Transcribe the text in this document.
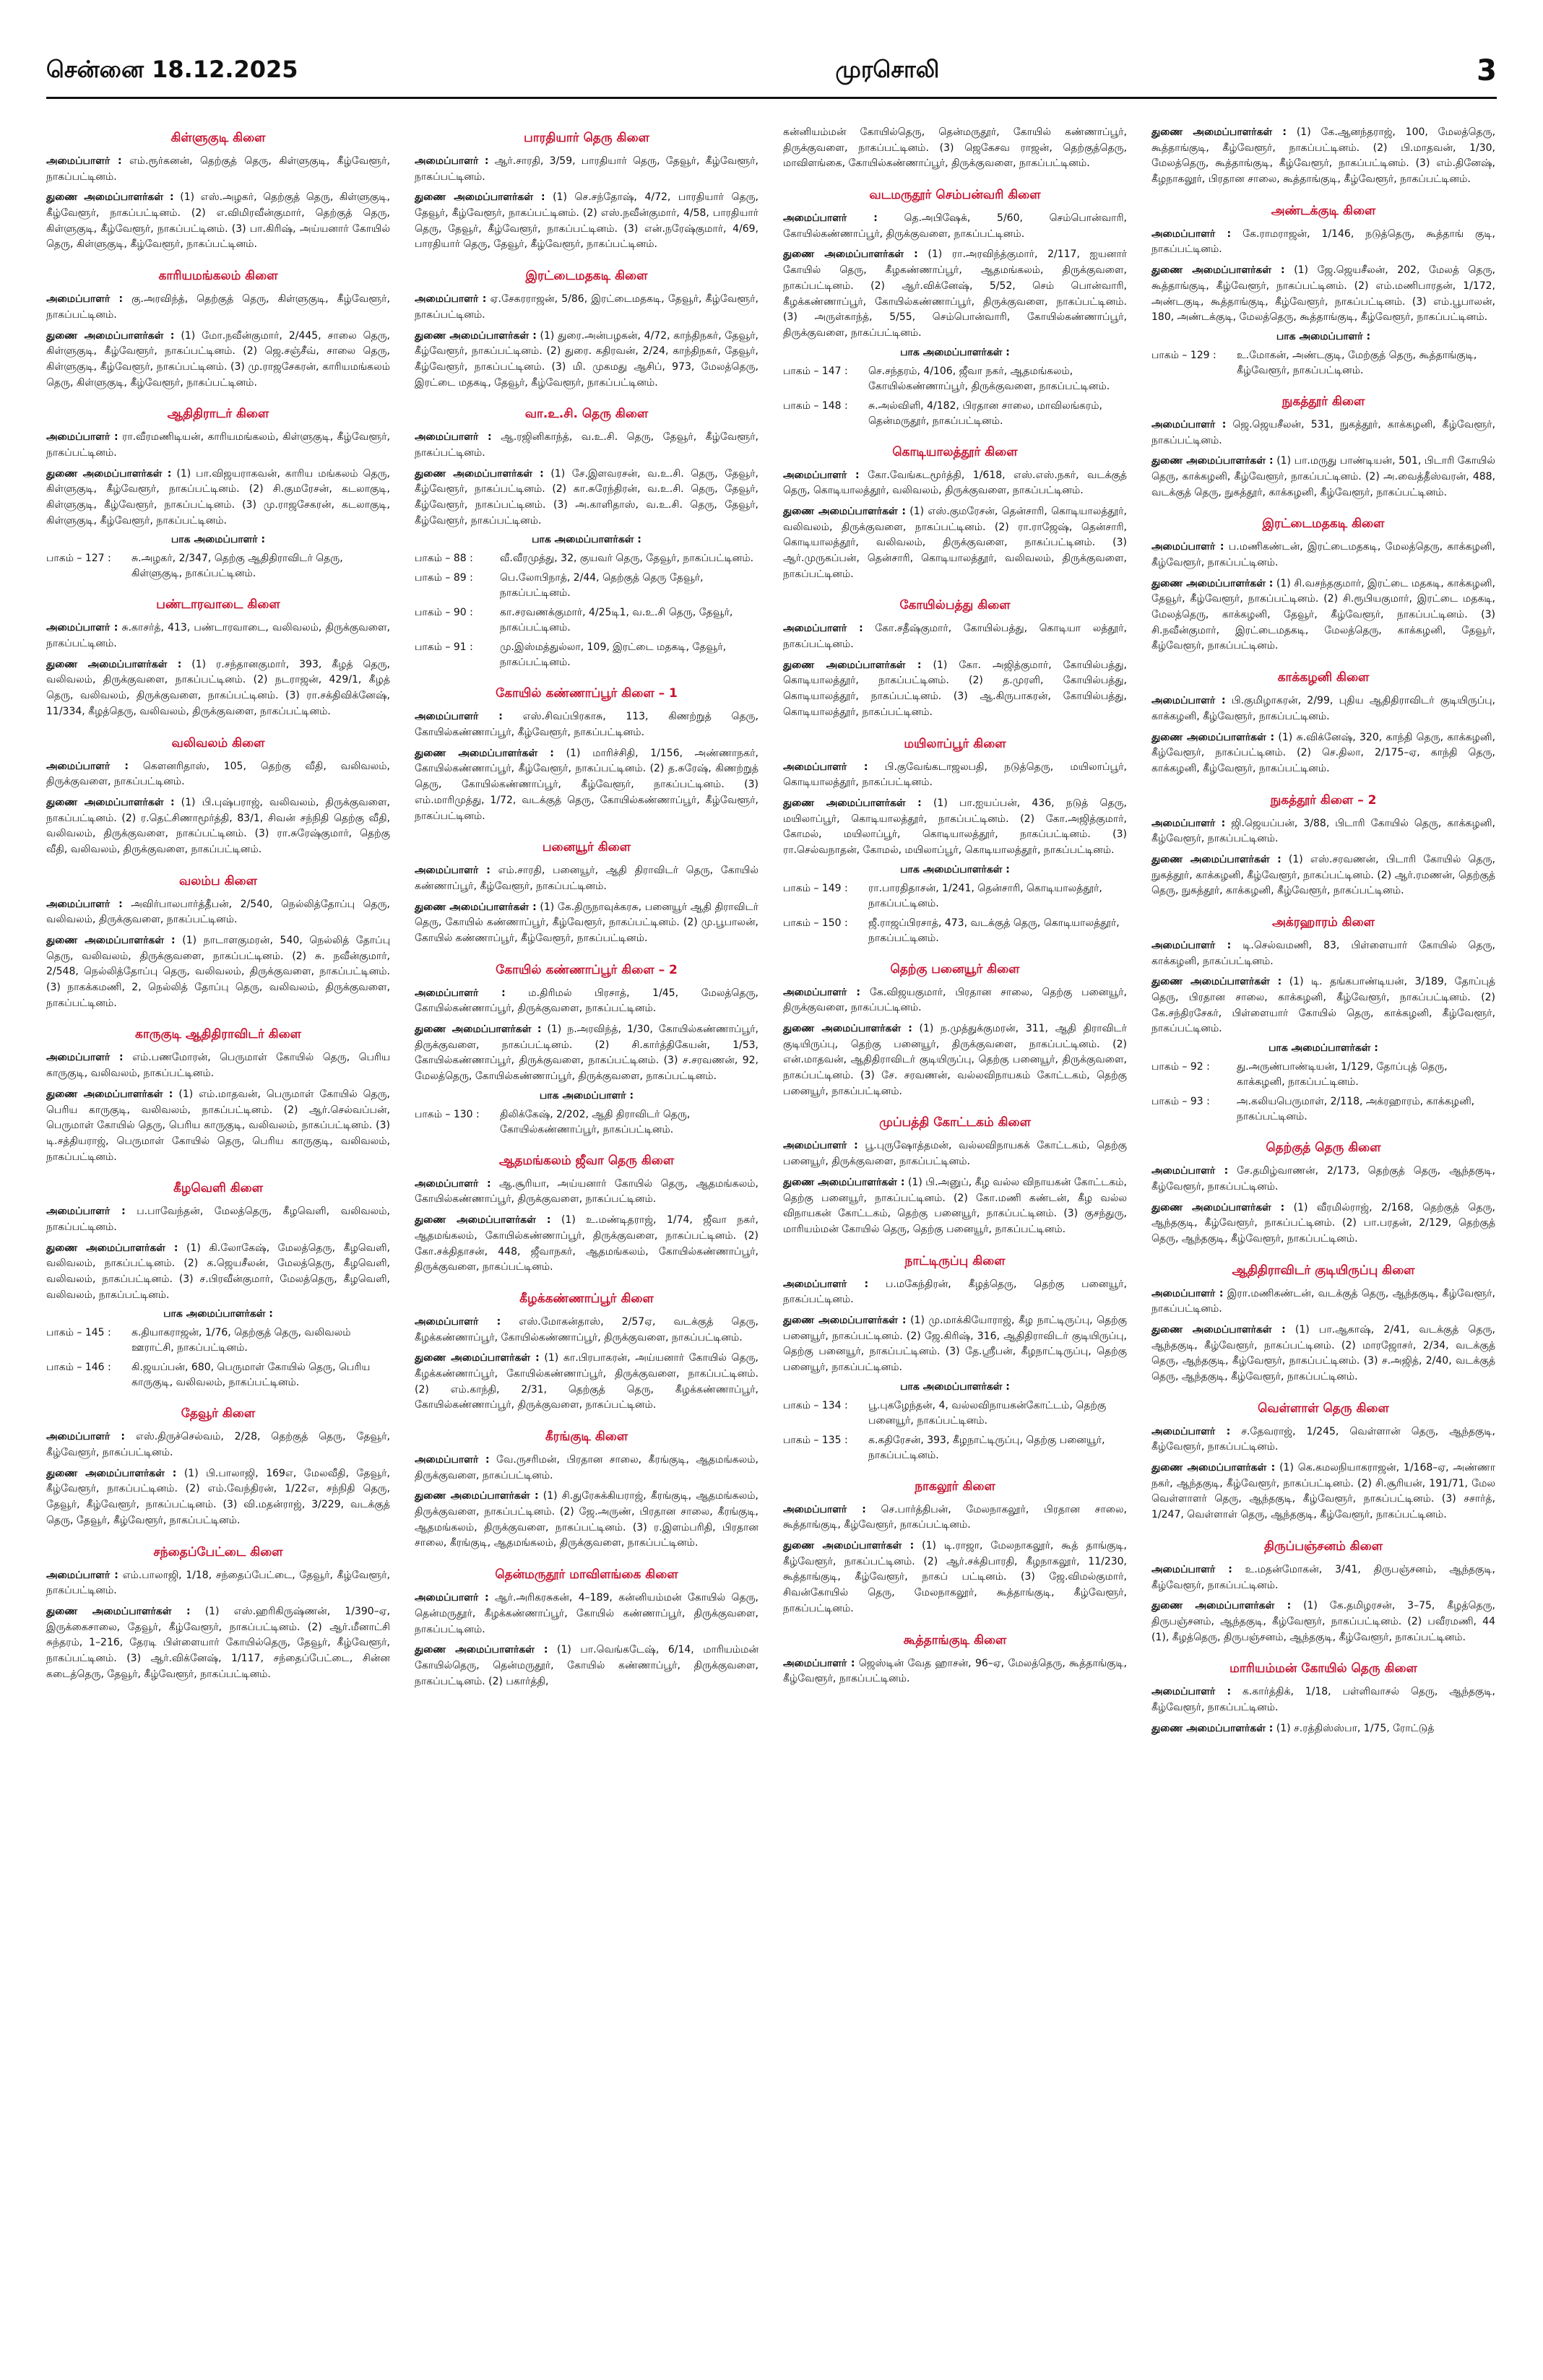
சென்னை 18.12.2025	முரசொலி	3
கிள்ளுகுடி கிளை

அமைப்பாளர் : எம்.ரூர்கனன், தெற்குத் தெரு, கிள்ளுகுடி, கீழ்வேளூர், நாகப்பட்டினம்.

துணை அமைப்பாளர்கள் : (1) எஸ்.அழகர், தெற்குத் தெரு, கிள்ளுகுடி, கீழ்வேளூர், நாகப்பட்டினம். (2) எ.விமிரவீன்குமார், தெற்குத் தெரு, கிள்ளுகுடி, கீழ்வேளூர், நாகப்பட்டினம். (3) பா.கிரிஷ், அய்யனார் கோயில் தெரு, கிள்ளுகுடி, கீழ்வேளூர், நாகப்பட்டினம்.

காரியமங்கலம் கிளை

அமைப்பாளர் : கு.அரவிந்த், தெற்குத் தெரு, கிள்ளுகுடி, கீழ்வேளூர், நாகப்பட்டினம்.

துணை அமைப்பாளர்கள் : (1) மோ.நவீன்குமார், 2/445, சாலை தெரு, கிள்ளுகுடி, கீழ்வேளூர், நாகப்பட்டினம். (2) ஜெ.சஞ்சீவ், சாலை தெரு, கிள்ளுகுடி, கீழ்வேளூர், நாகப்பட்டினம். (3) மு.ராஜசேகரன், காரியமங்கலம் தெரு, கிள்ளுகுடி, கீழ்வேளூர், நாகப்பட்டினம்.

ஆதிதிராடர் கிளை

அமைப்பாளர் : ரா.வீரமணிடியன், காரியமங்கலம், கிள்ளுகுடி, கீழ்வேளூர், நாகப்பட்டினம்.

துணை அமைப்பாளர்கள் : (1) பா.விஜயராகவன், காரிய மங்கலம் தெரு, கிள்ளுகுடி, கீழ்வேளூர், நாகப்பட்டினம். (2) சி.குமரேசன், கடலாகுடி, கிள்ளுகுடி, கீழ்வேளூர், நாகப்பட்டினம். (3) மு.ராஜசேகரன், கடலாகுடி, கிள்ளுகுடி, கீழ்வேளூர், நாகப்பட்டினம்.

பாக அமைப்பாளர் :
பாகம் – 127 :	சு.அழகர், 2/347, தெற்கு ஆதிதிராவிடர் தெரு, கிள்ளுகுடி, நாகப்பட்டினம்.
பண்டாரவாடை கிளை

அமைப்பாளர் : சு.காசர்த், 413, பண்டாரவாடை, வலிவலம், திருக்குவளை, நாகப்பட்டினம்.

துணை அமைப்பாளர்கள் : (1) ர.சந்தானகுமார், 393, கீழத் தெரு, வலிவலம், திருக்குவளை, நாகப்பட்டினம். (2) நடராஜன், 429/1, கீழத் தெரு, வலிவலம், திருக்குவளை, நாகப்பட்டினம். (3) ரா.சக்திவிக்னேஷ், 11/334, கீழத்தெரு, வலிவலம், திருக்குவளை, நாகப்பட்டினம்.

வலிவலம் கிளை

அமைப்பாளர் : கௌனரிதாஸ், 105, தெற்கு வீதி, வலிவலம், திருக்குவளை, நாகப்பட்டினம்.

துணை அமைப்பாளர்கள் : (1) பி.புஷ்பராஜ், வலிவலம், திருக்குவளை, நாகப்பட்டினம். (2) ர.தெட்சிணாமூர்த்தி, 83/1, சிவன் சந்நிதி தெற்கு வீதி, வலிவலம், திருக்குவளை, நாகப்பட்டினம். (3) ரா.சுரேஷ்குமார், தெற்கு வீதி, வலிவலம், திருக்குவளை, நாகப்பட்டினம்.

வலம்ப கிளை

அமைப்பாளர் : அவிர்பாலபார்த்தீபன், 2/540, நெல்லித்தோப்பு தெரு, வலிவலம், திருக்குவளை, நாகப்பட்டினம்.

துணை அமைப்பாளர்கள் : (1) நாடாளகுமரன், 540, நெல்லித் தோப்பு தெரு, வலிவலம், திருக்குவளை, நாகப்பட்டினம். (2) சு. நவீன்குமார், 2/548, நெல்லித்தோப்பு தெரு, வலிவலம், திருக்குவளை, நாகப்பட்டினம். (3) நாகக்கமணி, 2, நெல்லித் தோப்பு தெரு, வலிவலம், திருக்குவளை, நாகப்பட்டினம்.

காருகுடி ஆதிதிராவிடர் கிளை

அமைப்பாளர் : எம்.பணமோரன், பெருமாள் கோயில் தெரு, பெரிய காருகுடி, வலிவலம், நாகப்பட்டினம்.

துணை அமைப்பாளர்கள் : (1) எம்.மாதவன், பெருமாள் கோயில் தெரு, பெரிய காருகுடி, வலிவலம், நாகப்பட்டினம். (2) ஆர்.செல்வப்பன், பெருமாள் கோயில் தெரு, பெரிய காருகுடி, வலிவலம், நாகப்பட்டினம். (3) டி.சத்தியராஜ், பெருமாள் கோயில் தெரு, பெரிய காருகுடி, வலிவலம், நாகப்பட்டினம்.

கீழவெளி கிளை

அமைப்பாளர் : ப.பாவேந்தன், மேலத்தெரு, கீழவெளி, வலிவலம், நாகப்பட்டினம்.

துணை அமைப்பாளர்கள் : (1) கி.லோகேஷ், மேலத்தெரு, கீழவெளி, வலிவலம், நாகப்பட்டினம். (2) க.ஜெயசீலன், மேலத்தெரு, கீழவெளி, வலிவலம், நாகப்பட்டினம். (3) ச.பிரவீன்குமார், மேலத்தெரு, கீழவெளி, வலிவலம், நாகப்பட்டினம்.

பாக அமைப்பாளர்கள் :
பாகம் – 145 :	க.தியாகராஜன், 1/76, தெற்குத் தெரு, வலிவலம் ஊராட்சி, நாகப்பட்டினம்.
பாகம் – 146 :	கி.ஜயப்பன், 680, பெருமாள் கோயில் தெரு, பெரிய காருகுடி, வலிவலம், நாகப்பட்டினம்.
தேவூர் கிளை

அமைப்பாளர் : எஸ்.திருச்செல்வம், 2/28, தெற்குத் தெரு, தேவூர், கீழ்வேளூர், நாகப்பட்டினம்.

துணை அமைப்பாளர்கள் : (1) பி.பாலாஜி, 169எ, மேலவீதி, தேவூர், கீழ்வேளூர், நாகப்பட்டினம். (2) எம்.வேந்திரன், 1/22எ, சந்நிதி தெரு, தேவூர், கீழ்வேளூர், நாகப்பட்டினம். (3) வி.மதன்ராஜ், 3/229, வடக்குத் தெரு, தேவூர், கீழ்வேளூர், நாகப்பட்டினம்.

சந்தைப்பேட்டை கிளை

அமைப்பாளர் : எம்.பாலாஜி, 1/18, சந்தைப்பேட்டை, தேவூர், கீழ்வேளூர், நாகப்பட்டினம்.

துணை அமைப்பாளர்கள் : (1) எஸ்.ஹரிகிருஷ்ணன், 1/390–ஏ, இருக்கைசாலை, தேவூர், கீழ்வேளூர், நாகப்பட்டினம். (2) ஆர்.மீனாட்சி சுந்தரம், 1–216, தேரடி பிள்ளையார் கோயில்தெரு, தேவூர், கீழ்வேளூர், நாகப்பட்டினம். (3) ஆர்.விக்னேஷ், 1/117, சந்தைப்பேட்டை, சின்ன கடைத்தெரு, தேவூர், கீழ்வேளூர், நாகப்பட்டினம்.

பாரதியார் தெரு கிளை

அமைப்பாளர் : ஆர்.சாரதி, 3/59, பாரதியார் தெரு, தேவூர், கீழ்வேளூர், நாகப்பட்டினம்.

துணை அமைப்பாளர்கள் : (1) செ.சந்தோஷ், 4/72, பாரதியார் தெரு, தேவூர், கீழ்வேளூர், நாகப்பட்டினம். (2) எஸ்.நவீன்குமார், 4/58, பாரதியார் தெரு, தேவூர், கீழ்வேளூர், நாகப்பட்டினம். (3) என்.நரேஷ்குமார், 4/69, பாரதியார் தெரு, தேவூர், கீழ்வேளூர், நாகப்பட்டினம்.

இரட்டைமதகடி கிளை

அமைப்பாளர் : ஏ.சேகரராஜன், 5/86, இரட்டைமதகடி, தேவூர், கீழ்வேளூர், நாகப்பட்டினம்.

துணை அமைப்பாளர்கள் : (1) துரை.அன்பழகன், 4/72, காந்திநகர், தேவூர், கீழ்வேளூர், நாகப்பட்டினம். (2) துரை. கதிரவன், 2/24, காந்திநகர், தேவூர், கீழ்வேளூர், நாகப்பட்டினம். (3) மி. முகமது ஆசிப், 973, மேலத்தெரு, இரட்டை மதகடி, தேவூர், கீழ்வேளூர், நாகப்பட்டினம்.

வா.உ.சி. தெரு கிளை

அமைப்பாளர் : ஆ.ரஜினிகாந்த், வ.உ.சி. தெரு, தேவூர், கீழ்வேளூர், நாகப்பட்டினம்.

துணை அமைப்பாளர்கள் : (1) சே.இளவரசன், வ.உ.சி. தெரு, தேவூர், கீழ்வேளூர், நாகப்பட்டினம். (2) கா.சுரேந்திரன், வ.உ.சி. தெரு, தேவூர், கீழ்வேளூர், நாகப்பட்டினம். (3) அ.காளிதாஸ், வ.உ.சி. தெரு, தேவூர், கீழ்வேளூர், நாகப்பட்டினம்.

பாக அமைப்பாளர்கள் :
பாகம் – 88 :	வீ.வீரமுத்து, 32, குயவர் தெரு, தேவூர், நாகப்பட்டினம்.
பாகம் – 89 :	பெ.லோபிநாத், 2/44, தெற்குத் தெரு தேவூர், நாகப்பட்டினம்.
பாகம் – 90 :	கா.சரவணக்குமார், 4/25டி1, வ.உ.சி தெரு, தேவூர், நாகப்பட்டினம்.
பாகம் – 91 :	மு.இஸ்மத்துல்லா, 109, இரட்டை மதகடி, தேவூர், நாகப்பட்டினம்.
கோயில் கண்ணாப்பூர் கிளை – 1

அமைப்பாளர் : எஸ்.சிவப்பிரகாசு, 113, கிணற்றுத் தெரு, கோயில்கண்ணாப்பூர், கீழ்வேளூர், நாகப்பட்டினம்.

துணை அமைப்பாளர்கள் : (1) மாரிச்சிதி, 1/156, அண்ணாநகர், கோயில்கண்ணாப்பூர், கீழ்வேளூர், நாகப்பட்டினம். (2) த.சுரேஷ், கிணற்றுத் தெரு, கோயில்கண்ணாப்பூர், கீழ்வேளூர், நாகப்பட்டினம். (3) எம்.மாரிமுத்து, 1/72, வடக்குத் தெரு, கோயில்கண்ணாப்பூர், கீழ்வேளூர், நாகப்பட்டினம்.

பனையூர் கிளை

அமைப்பாளர் : எம்.சாரதி, பனையூர், ஆதி திராவிடர் தெரு, கோயில் கண்ணாப்பூர், கீழ்வேளூர், நாகப்பட்டினம்.

துணை அமைப்பாளர்கள் : (1) கே.திருநாவுக்கரசு, பனையூர் ஆதி திராவிடர் தெரு, கோயில் கண்ணாப்பூர், கீழ்வேளூர், நாகப்பட்டினம். (2) மு.பூபாலன், கோயில் கண்ணாப்பூர், கீழ்வேளூர், நாகப்பட்டினம்.

கோயில் கண்ணாப்பூர் கிளை – 2

அமைப்பாளர் : ம.திரிமல் பிரசாத், 1/45, மேலத்தெரு, கோயில்கண்ணாப்பூர், திருக்குவளை, நாகப்பட்டினம்.

துணை அமைப்பாளர்கள் : (1) ந.அரவிந்த், 1/30, கோயில்கண்ணாப்பூர், திருக்குவளை, நாகப்பட்டினம். (2) சி.கார்த்திகேயன், 1/53, கோயில்கண்ணாப்பூர், திருக்குவளை, நாகப்பட்டினம். (3) ச.சரவணன், 92, மேலத்தெரு, கோயில்கண்ணாப்பூர், திருக்குவளை, நாகப்பட்டினம்.

பாக அமைப்பாளர் :
பாகம் – 130 :	திலிக்கேஷ், 2/202, ஆதி திராவிடர் தெரு, கோயில்கண்ணாப்பூர், நாகப்பட்டினம்.
ஆதமங்கலம் ஜீவா தெரு கிளை

அமைப்பாளர் : ஆ.சூரியா, அய்யனார் கோயில் தெரு, ஆதமங்கலம், கோயில்கண்ணாப்பூர், திருக்குவளை, நாகப்பட்டினம்.

துணை அமைப்பாளர்கள் : (1) உ.மண்டிதராஜ், 1/74, ஜீவா நகர், ஆதமங்கலம், கோயில்கண்ணாப்பூர், திருக்குவளை, நாகப்பட்டினம். (2) கோ.சக்திதாசன், 448, ஜீவாநகர், ஆதமங்கலம், கோயில்கண்ணாப்பூர், திருக்குவளை, நாகப்பட்டினம்.

கீழக்கண்ணாப்பூர் கிளை

அமைப்பாளர் : எஸ்.மோகன்தாஸ், 2/57ஏ, வடக்குத் தெரு, கீழக்கண்ணாப்பூர், கோயில்கண்ணாப்பூர், திருக்குவளை, நாகப்பட்டினம்.

துணை அமைப்பாளர்கள் : (1) கா.பிரபாகரன், அய்யனார் கோயில் தெரு, கீழக்கண்ணாப்பூர், கோயில்கண்ணாப்பூர், திருக்குவளை, நாகப்பட்டினம். (2) எம்.காந்தி, 2/31, தெற்குத் தெரு, கீழக்கண்ணாப்பூர், கோயில்கண்ணாப்பூர், திருக்குவளை, நாகப்பட்டினம்.

கீரங்குடி கிளை

அமைப்பாளர் : வே.ருசரிமன், பிரதான சாலை, கீரங்குடி, ஆதமங்கலம், திருக்குவளை, நாகப்பட்டினம்.

துணை அமைப்பாளர்கள் : (1) சி.துரேசுக்கியராஜ், கீரங்குடி, ஆதமங்கலம், திருக்குவளை, நாகப்பட்டினம். (2) ஜே.அருண், பிரதான சாலை, கீரங்குடி, ஆதமங்கலம், திருக்குவளை, நாகப்பட்டினம். (3) ர.இளம்பரிதி, பிரதான சாலை, கீரங்குடி, ஆதமங்கலம், திருக்குவளை, நாகப்பட்டினம்.

தென்மருதூர் மாவிளங்கை கிளை

அமைப்பாளர் : ஆர்.அரிகரசுகன், 4–189, கன்னியம்மன் கோயில் தெரு, தென்மருதூர், கீழக்கண்ணாப்பூர், கோயில் கண்ணாப்பூர், திருக்குவளை, நாகப்பட்டினம்.

துணை அமைப்பாளர்கள் : (1) பா.வெங்கடேஷ், 6/14, மாரியம்மன் கோயில்தெரு, தென்மருதூர், கோயில் கண்ணாப்பூர், திருக்குவளை, நாகப்பட்டினம். (2) பகார்த்தி,

கன்னியம்மன் கோயில்தெரு, தென்மருதூர், கோயில் கண்ணாப்பூர், திருக்குவளை, நாகப்பட்டினம். (3) ஜெகேசவ ராஜன், தெற்குத்தெரு, மாவிளங்கை, கோயில்கண்ணாப்பூர், திருக்குவளை, நாகப்பட்டினம்.

வடமருதூர் செம்பன்வரி கிளை

அமைப்பாளர் :	தெ.அபிஷேக், 5/60, செம்பொன்வாரி, கோயில்கண்ணாப்பூர், திருக்குவளை, நாகப்பட்டினம்.

துணை அமைப்பாளர்கள் : (1) ரா.அரவிந்த்குமார், 2/117, ஐயனார் கோயில் தெரு, கீழகண்ணாப்பூர், ஆதமங்கலம், திருக்குவளை, நாகப்பட்டினம். (2) ஆர்.விக்னேஷ், 5/52, செம் பொன்வாரி, கீழக்கண்ணாப்பூர், கோயில்கண்ணாப்பூர், திருக்குவளை, நாகப்பட்டினம். (3) அருள்காந்த், 5/55, செம்பொன்வாரி, கோயில்கண்ணாப்பூர், திருக்குவளை, நாகப்பட்டினம்.

பாக அமைப்பாளர்கள் :
பாகம் – 147 :	செ.சந்தரம், 4/106, ஜீவா நகர், ஆதமங்கலம், கோயில்கண்ணாப்பூர், திருக்குவளை, நாகப்பட்டினம்.
பாகம் – 148 :	சு.அல்விளி, 4/182, பிரதான சாலை, மாவிலங்கரம், தென்மருதூர், நாகப்பட்டினம்.
கொடியாலத்தூர் கிளை

அமைப்பாளர் : கோ.வேங்கடமூர்த்தி, 1/618, எஸ்.எஸ்.நகர், வடக்குத் தெரு, கொடியாலத்தூர், வலிவலம், திருக்குவளை, நாகப்பட்டினம்.

துணை அமைப்பாளர்கள் : (1) எஸ்.குமரேசன், தென்சாரி, கொடியாலத்தூர், வலிவலம், திருக்குவளை, நாகப்பட்டினம். (2) ரா.ராஜேஷ், தென்சாரி, கொடியாலத்தூர், வலிவலம், திருக்குவளை, நாகப்பட்டினம். (3) ஆர்.முருகப்பன், தென்சாரி, கொடியாலத்தூர், வலிவலம், திருக்குவளை, நாகப்பட்டினம்.

கோயில்பத்து கிளை

அமைப்பாளர் : கோ.சதீஷ்குமார், கோயில்பத்து, கொடியா லத்தூர், நாகப்பட்டினம்.

துணை அமைப்பாளர்கள் : (1) கோ. அஜித்குமார், கோயில்பத்து, கொடியாலத்தூர், நாகப்பட்டினம். (2) த.முரளி, கோயில்பத்து, கொடியாலத்தூர், நாகப்பட்டினம். (3) ஆ.கிருபாகரன், கோயில்பத்து, கொடியாலத்தூர், நாகப்பட்டினம்.

மயிலாப்பூர் கிளை

அமைப்பாளர் : பி.குவேங்கடாஜலபதி, நடுத்தெரு, மயிலாப்பூர், கொடியாலத்தூர், நாகப்பட்டினம்.

துணை அமைப்பாளர்கள் : (1) பா.ஐயப்பன், 436, நடுத் தெரு, மயிலாப்பூர், கொடியாலத்தூர், நாகப்பட்டினம். (2) கோ.அஜித்குமார், கோமல், மயிலாப்பூர், கொடியாலத்தூர், நாகப்பட்டினம். (3) ரா.செல்வநாதன், கோமல், மயிலாப்பூர், கொடியாலத்தூர், நாகப்பட்டினம்.

பாக அமைப்பாளர்கள் :
பாகம் – 149 :	ரா.பாரதிதாசன், 1/241, தென்சாரி, கொடியாலத்தூர், நாகப்பட்டினம்.
பாகம் – 150 :	ஜீ.ராஜப்பிரசாத், 473, வடக்குத் தெரு, கொடியாலத்தூர், நாகப்பட்டினம்.
தெற்கு பனையூர் கிளை

அமைப்பாளர் : கே.விஜயகுமார், பிரதான சாலை, தெற்கு பனையூர், திருக்குவளை, நாகப்பட்டினம்.

துணை அமைப்பாளர்கள் : (1) ந.முத்துக்குமரன், 311, ஆதி திராவிடர் குடியிருப்பு, தெற்கு பனையூர், திருக்குவளை, நாகப்பட்டினம். (2) என்.மாதவன், ஆதிதிராவிடர் குடியிருப்பு, தெற்கு பனையூர், திருக்குவளை, நாகப்பட்டினம். (3) சே. சரவணன், வல்லவிநாயகம் கோட்டகம், தெற்கு பனையூர், நாகப்பட்டினம்.

முப்பத்தி கோட்டகம் கிளை

அமைப்பாளர் : பூ.புருஷோத்தமன், வல்லவிநாயகக் கோட்டகம், தெற்கு பனையூர், திருக்குவளை, நாகப்பட்டினம்.

துணை அமைப்பாளர்கள் : (1) பி.அனுப், கீழ வல்ல விநாயகன் கோட்டகம், தெற்கு பனையூர், நாகப்பட்டினம். (2) கோ.மணி கண்டன், கீழ வல்ல விநாயகன் கோட்டகம், தெற்கு பனையூர், நாகப்பட்டினம். (3) குசந்துரு, மாரியம்மன் கோயில் தெரு, தெற்கு பனையூர், நாகப்பட்டினம்.

நாட்டிருப்பு கிளை

அமைப்பாளர் : ப.மகேந்திரன், கீழத்தெரு, தெற்கு பனையூர், நாகப்பட்டினம்.

துணை அமைப்பாளர்கள் : (1) மு.மாக்கியோராஜ், கீழ நாட்டிருப்பு, தெற்கு பனையூர், நாகப்பட்டினம். (2) ஜே.கிரிஷ், 316, ஆதிதிராவிடர் குடியிருப்பு, தெற்கு பனையூர், நாகப்பட்டினம். (3) தே.ஸ்ரீபன், கீழநாட்டிருப்பு, தெற்கு பனையூர், நாகப்பட்டினம்.

பாக அமைப்பாளர்கள் :
பாகம் – 134 :	பூ.புகழேந்தன், 4, வல்லவிநாயகன்கோட்டம், தெற்கு பனையூர், நாகப்பட்டினம்.
பாகம் – 135 :	க.கதிரேசன், 393, கீழநாட்டிருப்பு, தெற்கு பனையூர், நாகப்பட்டினம்.
நாகலூர் கிளை

அமைப்பாளர் : செ.பார்த்திபன், மேலநாகலூர், பிரதான சாலை, கூத்தாங்குடி, கீழ்வேளூர், நாகப்பட்டினம்.

துணை அமைப்பாளர்கள் : (1) டி.ராஜா, மேலநாகலூர், கூத் தாங்குடி, கீழ்வேளூர், நாகப்பட்டினம். (2) ஆர்.சக்திபாரதி, கீழநாகலூர், 11/230, கூத்தாங்குடி, கீழ்வேளூர், நாகப் பட்டினம். (3) ஜே.விமல்குமார், சிவன்கோயில் தெரு, மேலநாகலூர், கூத்தாங்குடி, கீழ்வேளூர், நாகப்பட்டினம்.

கூத்தாங்குடி கிளை

அமைப்பாளர் : ஜெஸ்டின் வேத ஹாசன், 96–ஏ, மேலத்தெரு, கூத்தாங்குடி, கீழ்வேளூர், நாகப்பட்டினம்.

துணை அமைப்பாளர்கள் : (1) கே.ஆனந்தராஜ், 100, மேலத்தெரு, கூத்தாங்குடி, கீழ்வேளூர், நாகப்பட்டினம். (2) பி.மாதவன், 1/30, மேலத்தெரு, கூத்தாங்குடி, கீழ்வேளூர், நாகப்பட்டினம். (3) எம்.தினேஷ், கீழநாகலூர், பிரதான சாலை, கூத்தாங்குடி, கீழ்வேளூர், நாகப்பட்டினம்.

அண்டக்குடி கிளை

அமைப்பாளர் : கே.ராமராஜன், 1/146, நடுத்தெரு, கூத்தாங் குடி, நாகப்பட்டினம்.

துணை அமைப்பாளர்கள் : (1) ஜே.ஜெயசீலன், 202, மேலத் தெரு, கூத்தாங்குடி, கீழ்வேளூர், நாகப்பட்டினம். (2) எம்.மணிபாரதன், 1/172, அண்டகுடி, கூத்தாங்குடி, கீழ்வேளூர், நாகப்பட்டினம். (3) எம்.பூபாலன், 180, அண்டக்குடி, மேலத்தெரு, கூத்தாங்குடி, கீழ்வேளூர், நாகப்பட்டினம்.

பாக அமைப்பாளர் :
பாகம் – 129 :	உ.மோகன், அண்டகுடி, மேற்குத் தெரு, கூத்தாங்குடி, கீழ்வேளூர், நாகப்பட்டினம்.
நுகத்தூர் கிளை

அமைப்பாளர் : ஜெ.ஜெயசீலன், 531, நுகத்தூர், காக்கழனி, கீழ்வேளூர், நாகப்பட்டினம்.

துணை அமைப்பாளர்கள் : (1) பா.மருது பாண்டியன், 501, பிடாரி கோயில் தெரு, காக்கழனி, கீழ்வேளூர், நாகப்பட்டினம். (2) அ.வைத்தீஸ்வரன், 488, வடக்குத் தெரு, நுகத்தூர், காக்கழனி, கீழ்வேளூர், நாகப்பட்டினம்.

இரட்டைமதகடி கிளை

அமைப்பாளர் : ப.மணிகண்டன், இரட்டைமதகடி, மேலத்தெரு, காக்கழனி, கீழ்வேளூர், நாகப்பட்டினம்.

துணை அமைப்பாளர்கள் : (1) சி.வசந்தகுமார், இரட்டை மதகடி, காக்கழனி, தேவூர், கீழ்வேளூர், நாகப்பட்டினம். (2) சி.ரூபியகுமார், இரட்டை மதகடி, மேலத்தெரு, காக்கழனி, தேவூர், கீழ்வேளூர், நாகப்பட்டினம். (3) சி.நவீன்குமார், இரட்டைமதகடி, மேலத்தெரு, காக்கழனி, தேவூர், கீழ்வேளூர், நாகப்பட்டினம்.

காக்கழனி கிளை

அமைப்பாளர் : பி.குமிழாகரன், 2/99, புதிய ஆதிதிராவிடர் குடியிருப்பு, காக்கழனி, கீழ்வேளூர், நாகப்பட்டினம்.

துணை அமைப்பாளர்கள் : (1) சு.விக்னேஷ், 320, காந்தி தெரு, காக்கழனி, கீழ்வேளூர், நாகப்பட்டினம். (2) செ.திலா, 2/175–ஏ, காந்தி தெரு, காக்கழனி, கீழ்வேளூர், நாகப்பட்டினம்.

நுகத்தூர் கிளை – 2

அமைப்பாளர் : ஜி.ஜெயப்பன், 3/88, பிடாரி கோயில் தெரு, காக்கழனி, கீழ்வேளூர், நாகப்பட்டினம்.

துணை அமைப்பாளர்கள் : (1) எஸ்.சரவணன், பிடாரி கோயில் தெரு, நுகத்தூர், காக்கழனி, கீழ்வேளூர், நாகப்பட்டினம். (2) ஆர்.ரமணன், தெற்குத் தெரு, நுகத்தூர், காக்கழனி, கீழ்வேளூர், நாகப்பட்டினம்.

அக்ரஹாரம் கிளை

அமைப்பாளர் : டி.செல்வமணி, 83, பிள்ளையார் கோயில் தெரு, காக்கழனி, நாகப்பட்டினம்.

துணை அமைப்பாளர்கள் : (1) டி. தங்கபாண்டியன், 3/189, தோப்புத் தெரு, பிரதான சாலை, காக்கழனி, கீழ்வேளூர், நாகப்பட்டினம். (2) கே.சந்திரசேகர், பிள்ளையார் கோயில் தெரு, காக்கழனி, கீழ்வேளூர், நாகப்பட்டினம்.

பாக அமைப்பாளர்கள் :
பாகம் – 92 :	து.அருண்பாண்டியன், 1/129, தோப்புத் தெரு, காக்கழனி, நாகப்பட்டினம்.
பாகம் – 93 :	அ.கலியபெருமாள், 2/118, அக்ரஹாரம், காக்கழனி, நாகப்பட்டினம்.
தெற்குத் தெரு கிளை

அமைப்பாளர் : சே.தமிழ்வாணன், 2/173, தெற்குத் தெரு, ஆந்தகுடி, கீழ்வேளூர், நாகப்பட்டினம்.

துணை அமைப்பாளர்கள் : (1) வீரமில்ராஜ், 2/168, தெற்குத் தெரு, ஆந்தகுடி, கீழ்வேளூர், நாகப்பட்டினம். (2) பா.பரதன், 2/129, தெற்குத் தெரு, ஆந்தகுடி, கீழ்வேளூர், நாகப்பட்டினம்.

ஆதிதிராவிடர் குடியிருப்பு கிளை

அமைப்பாளர் : இரா.மணிகண்டன், வடக்குத் தெரு, ஆந்தகுடி, கீழ்வேளூர், நாகப்பட்டினம்.

துணை அமைப்பாளர்கள் : (1) பா.ஆகாஷ், 2/41, வடக்குத் தெரு, ஆந்தகுடி, கீழ்வேளூர், நாகப்பட்டினம். (2) மாரஜோசர், 2/34, வடக்குத் தெரு, ஆந்தகுடி, கீழ்வேளூர், நாகப்பட்டினம். (3) ச.அஜித், 2/40, வடக்குத் தெரு, ஆந்தகுடி, கீழ்வேளூர், நாகப்பட்டினம்.

வெள்ளாள் தெரு கிளை

அமைப்பாளர் : ச.தேவராஜ், 1/245, வெள்ளான் தெரு, ஆந்தகுடி, கீழ்வேளூர், நாகப்பட்டினம்.

துணை அமைப்பாளர்கள் : (1) கெ.கமலநியாகராஜன், 1/168–ஏ, அண்ணா நகர், ஆந்தகுடி, கீழ்வேளூர், நாகப்பட்டினம். (2) சி.சூரியன், 191/71, மேல வெள்ளாளர் தெரு, ஆந்தகுடி, கீழ்வேளூர், நாகப்பட்டினம். (3) சசார்த், 1/247, வெள்ளாள் தெரு, ஆந்தகுடி, கீழ்வேளூர், நாகப்பட்டினம்.

திருப்பஞ்சனம் கிளை

அமைப்பாளர் : உ.மதன்மோகன், 3/41, திருபஞ்சனம், ஆந்தகுடி, கீழ்வேளூர், நாகப்பட்டினம்.

துணை அமைப்பாளர்கள் : (1) கே.தமிழரசன், 3–75, கீழத்தெரு, திருபஞ்சனம், ஆந்தகுடி, கீழ்வேளூர், நாகப்பட்டினம். (2) பவீரமணி, 44 (1), கீழத்தெரு, திருபஞ்சனம், ஆந்தகுடி, கீழ்வேளூர், நாகப்பட்டினம்.

மாரியம்மன் கோயில் தெரு கிளை

அமைப்பாளர் : க.கார்த்திக், 1/18, பள்ளிவாசல் தெரு, ஆந்தகுடி, கீழ்வேளூர், நாகப்பட்டினம்.

துணை அமைப்பாளர்கள் : (1) ச.ரத்திஸ்ஸ்பா, 1/75, ரோட்டுத்
